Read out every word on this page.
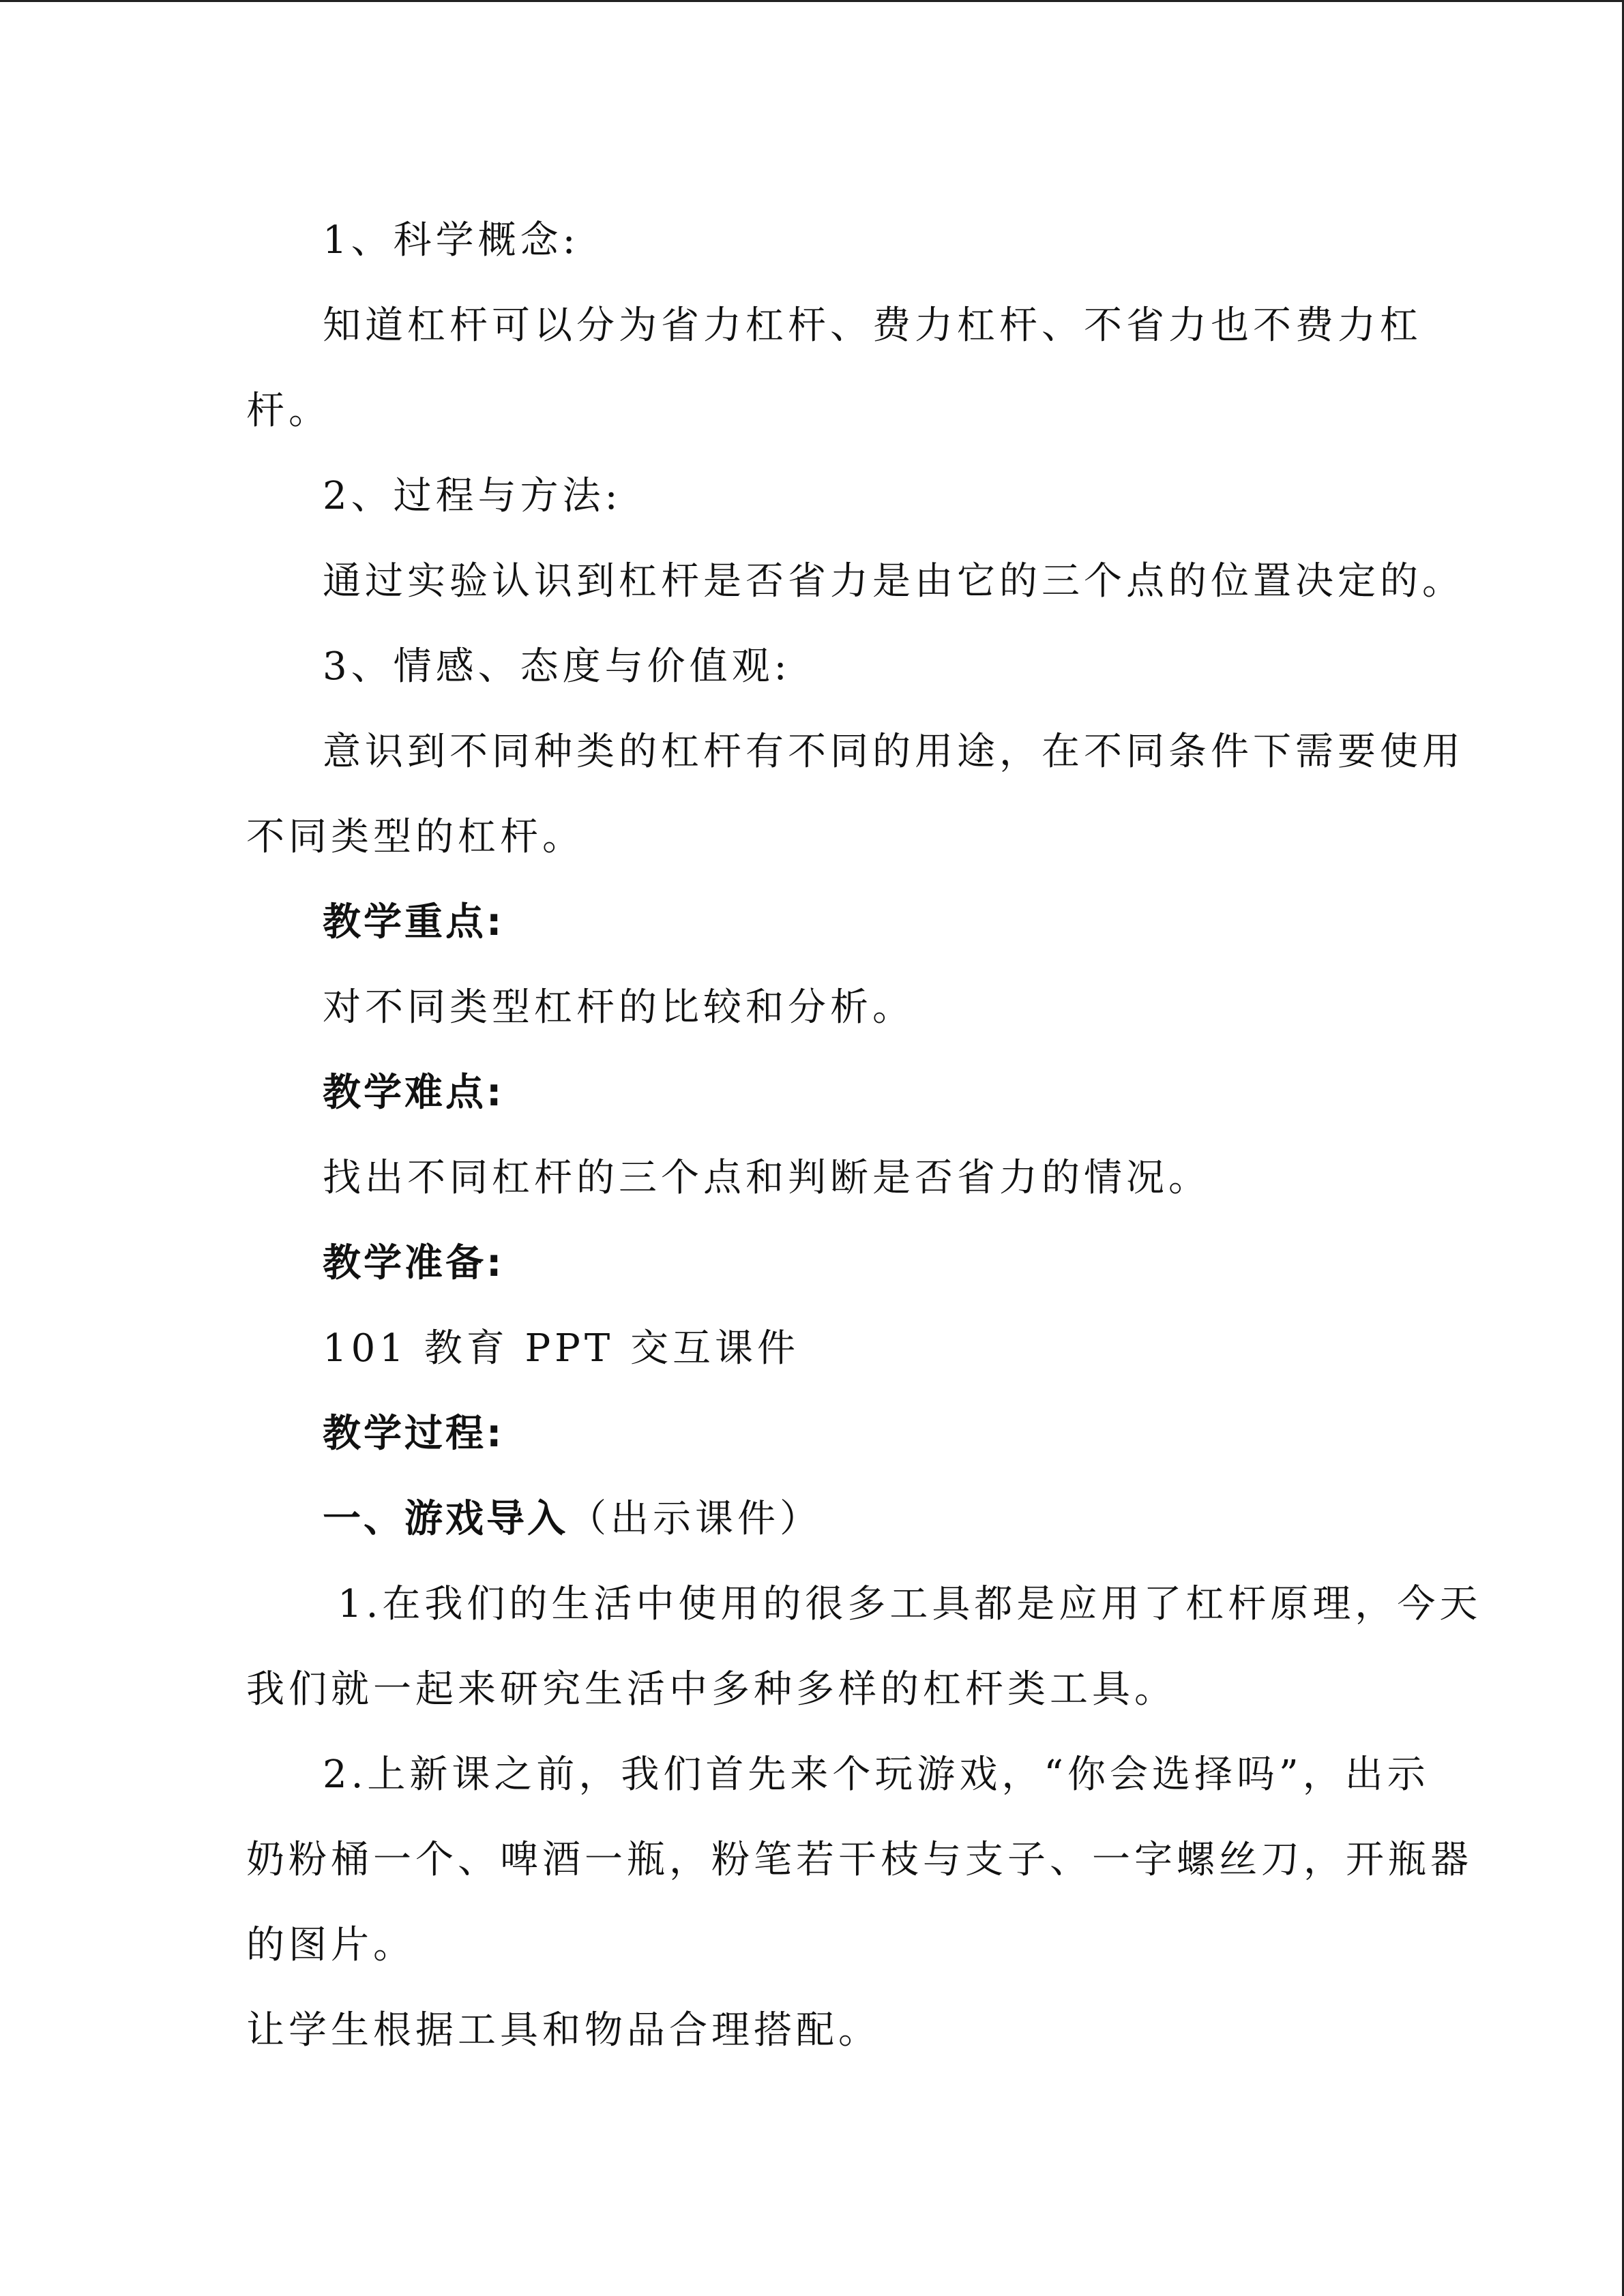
1、科学概念:
知道杠杆可以分为省力杠杆、费力杠杆、不省力也不费力杠
杆。
2、过程与方法:
通过实验认识到杠杆是否省力是由它的三个点的位置决定的。
3、情感、态度与价值观:
意识到不同种类的杠杆有不同的用途，在不同条件下需要使用
不同类型的杠杆。
教学重点:
对不同类型杠杆的比较和分析。
教学难点:
找出不同杠杆的三个点和判断是否省力的情况。
教学准备:
101 教育 PPT 交互课件
教学过程:
一、游戏导入（出示课件）
1.在我们的生活中使用的很多工具都是应用了杠杆原理，今天
我们就一起来研究生活中多种多样的杠杆类工具。
2.上新课之前，我们首先来个玩游戏，“你会选择吗”，出示
奶粉桶一个、啤酒一瓶，粉笔若干枝与支子、一字螺丝刀，开瓶器
的图片。
让学生根据工具和物品合理搭配。
